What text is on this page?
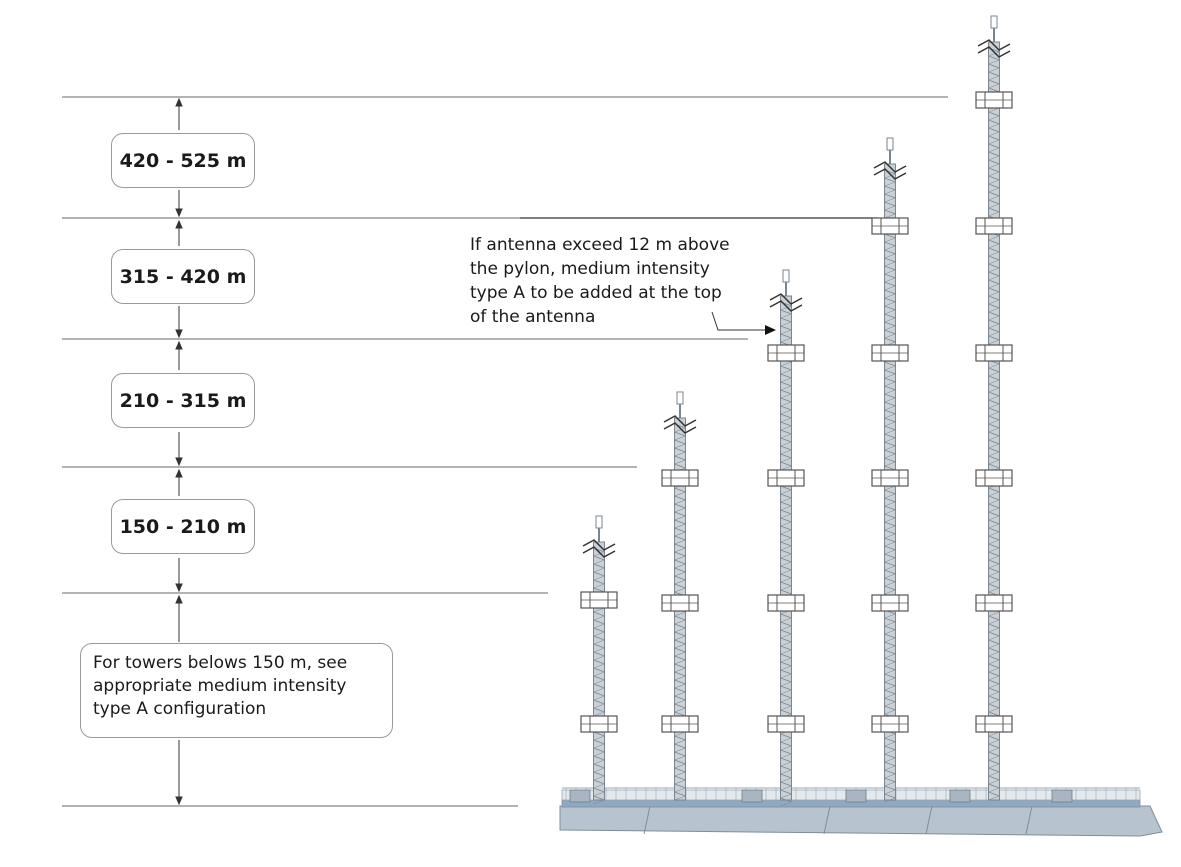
420 - 525 m
315 - 420 m
210 - 315 m
150 - 210 m
For towers belows 150 m, see
appropriate medium intensity
type A configuration
If antenna exceed 12 m above
the pylon, medium intensity
type A to be added at the top
of the antenna
